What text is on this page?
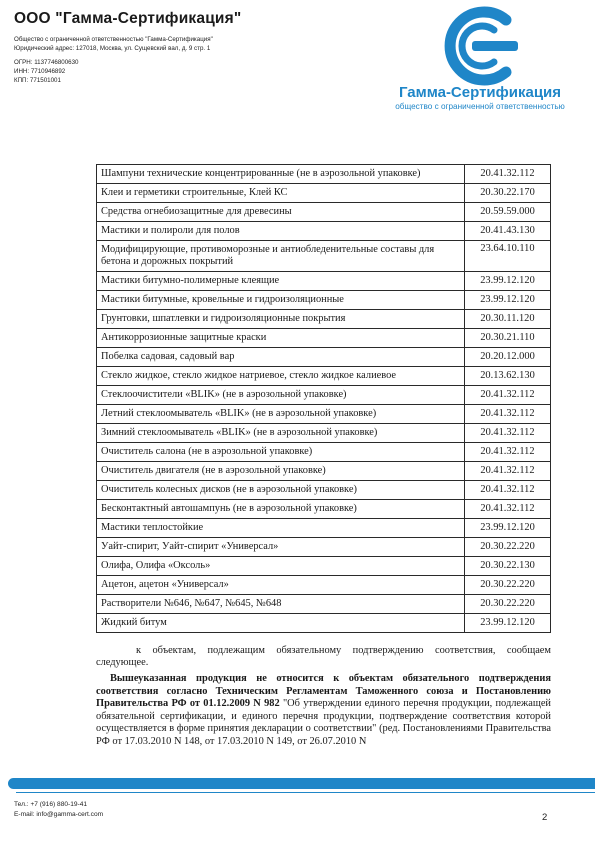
ООО "Гамма-Сертификация"
Общество с ограниченной ответственностью "Гамма-Сертификация"
Юридический адрес: 127018, Москва, ул. Сущевский вал, д. 9 стр. 1
ОГРН: 1137746800630
ИНН: 7710946892
КПП: 771501001
Гамма-Сертификация
общество с ограниченной ответственностью
Шампуни технические концентрированные (не в аэрозольной упаковке)	20.41.32.112
Клеи и герметики строительные, Клей КС	20.30.22.170
Средства огнебиозащитные для древесины	20.59.59.000
Мастики и полироли для полов	20.41.43.130
Модифицирующие, противоморозные и антиобледенительные составы для бетона и дорожных покрытий	23.64.10.110
Мастики битумно-полимерные клеящие	23.99.12.120
Мастики битумные, кровельные и гидроизоляционные	23.99.12.120
Грунтовки, шпатлевки и гидроизоляционные покрытия	20.30.11.120
Антикоррозионные защитные краски	20.30.21.110
Побелка садовая, садовый вар	20.20.12.000
Стекло жидкое, стекло жидкое натриевое, стекло жидкое калиевое	20.13.62.130
Стеклоочистители «BLIK» (не в аэрозольной упаковке)	20.41.32.112
Летний стеклоомыватель «BLIK» (не в аэрозольной упаковке)	20.41.32.112
Зимний стеклоомыватель «BLIK» (не в аэрозольной упаковке)	20.41.32.112
Очиститель салона (не в аэрозольной упаковке)	20.41.32.112
Очиститель двигателя (не в аэрозольной упаковке)	20.41.32.112
Очиститель колесных дисков (не в аэрозольной упаковке)	20.41.32.112
Бесконтактный автошампунь (не в аэрозольной упаковке)	20.41.32.112
Мастики теплостойкие	23.99.12.120
Уайт-спирит, Уайт-спирит «Универсал»	20.30.22.220
Олифа, Олифа «Оксоль»	20.30.22.130
Ацетон, ацетон «Универсал»	20.30.22.220
Растворители №646, №647, №645, №648	20.30.22.220
Жидкий битум	23.99.12.120
к объектам, подлежащим обязательному подтверждению соответствия, сообщаем следующее.
Вышеуказанная продукция не относится к объектам обязательного подтверждения соответствия согласно Техническим Регламентам Таможенного союза и Постановлению Правительства РФ от 01.12.2009 N 982 "Об утверждении единого перечня продукции, подлежащей обязательной сертификации, и единого перечня продукции, подтверждение соответствия которой осуществляется в форме принятия декларации о соответствии" (ред. Постановлениями Правительства РФ от 17.03.2010 N 148, от 17.03.2010 N 149, от 26.07.2010 N
Тел.: +7 (916) 880-19-41
E-mail: info@gamma-cert.com	2
